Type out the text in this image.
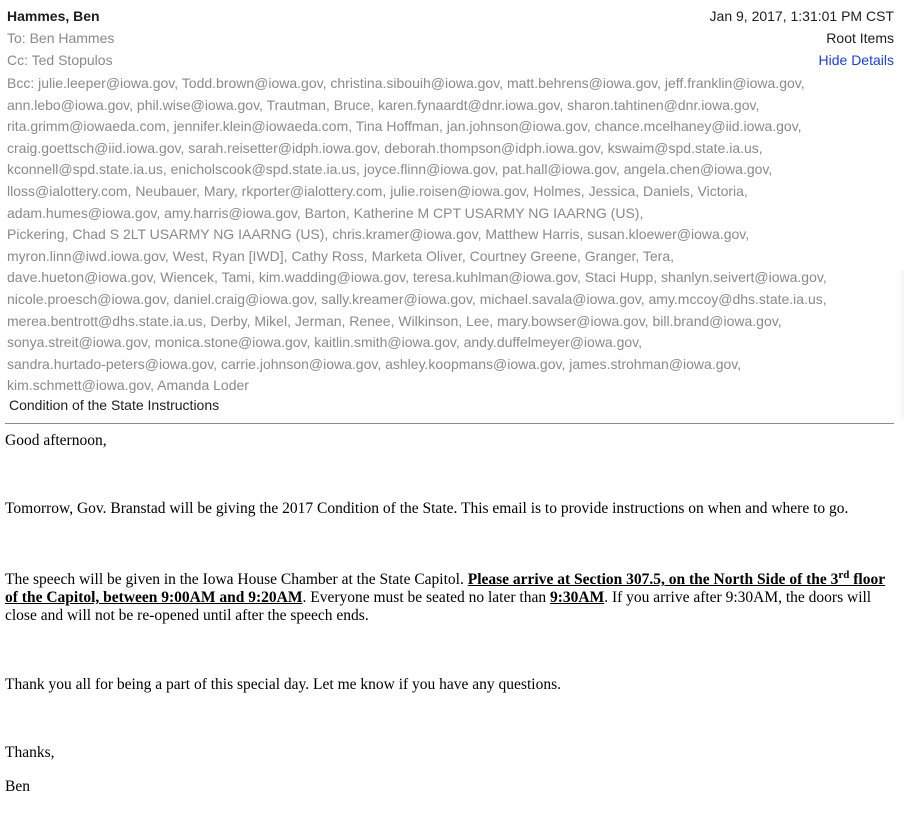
Hammes, Ben	Jan 9, 2017, 1:31:01 PM CST
To: Ben Hammes	Root Items
Cc: Ted Stopulos	Hide Details
Bcc: julie.leeper@iowa.gov, Todd.brown@iowa.gov, christina.sibouih@iowa.gov, matt.behrens@iowa.gov, jeff.franklin@iowa.gov,
ann.lebo@iowa.gov, phil.wise@iowa.gov, Trautman, Bruce, karen.fynaardt@dnr.iowa.gov, sharon.tahtinen@dnr.iowa.gov,
rita.grimm@iowaeda.com, jennifer.klein@iowaeda.com, Tina Hoffman, jan.johnson@iowa.gov, chance.mcelhaney@iid.iowa.gov,
craig.goettsch@iid.iowa.gov, sarah.reisetter@idph.iowa.gov, deborah.thompson@idph.iowa.gov, kswaim@spd.state.ia.us,
kconnell@spd.state.ia.us, enicholscook@spd.state.ia.us, joyce.flinn@iowa.gov, pat.hall@iowa.gov, angela.chen@iowa.gov,
lloss@ialottery.com, Neubauer, Mary, rkporter@ialottery.com, julie.roisen@iowa.gov, Holmes, Jessica, Daniels, Victoria,
adam.humes@iowa.gov, amy.harris@iowa.gov, Barton, Katherine M CPT USARMY NG IAARNG (US),
Pickering, Chad S 2LT USARMY NG IAARNG (US), chris.kramer@iowa.gov, Matthew Harris, susan.kloewer@iowa.gov,
myron.linn@iwd.iowa.gov, West, Ryan [IWD], Cathy Ross, Marketa Oliver, Courtney Greene, Granger, Tera,
dave.hueton@iowa.gov, Wiencek, Tami, kim.wadding@iowa.gov, teresa.kuhlman@iowa.gov, Staci Hupp, shanlyn.seivert@iowa.gov,
nicole.proesch@iowa.gov, daniel.craig@iowa.gov, sally.kreamer@iowa.gov, michael.savala@iowa.gov, amy.mccoy@dhs.state.ia.us,
merea.bentrott@dhs.state.ia.us, Derby, Mikel, Jerman, Renee, Wilkinson, Lee, mary.bowser@iowa.gov, bill.brand@iowa.gov,
sonya.streit@iowa.gov, monica.stone@iowa.gov, kaitlin.smith@iowa.gov, andy.duffelmeyer@iowa.gov,
sandra.hurtado-peters@iowa.gov, carrie.johnson@iowa.gov, ashley.koopmans@iowa.gov, james.strohman@iowa.gov,
kim.schmett@iowa.gov, Amanda Loder
Condition of the State Instructions
Good afternoon,
Tomorrow, Gov. Branstad will be giving the 2017 Condition of the State. This email is to provide instructions on when and where to go.
The speech will be given in the Iowa House Chamber at the State Capitol. Please arrive at Section 307.5, on the North Side of the 3rd floor of the Capitol, between 9:00AM and 9:20AM. Everyone must be seated no later than 9:30AM. If you arrive after 9:30AM, the doors will close and will not be re-opened until after the speech ends.
Thank you all for being a part of this special day. Let me know if you have any questions.
Thanks,
Ben
